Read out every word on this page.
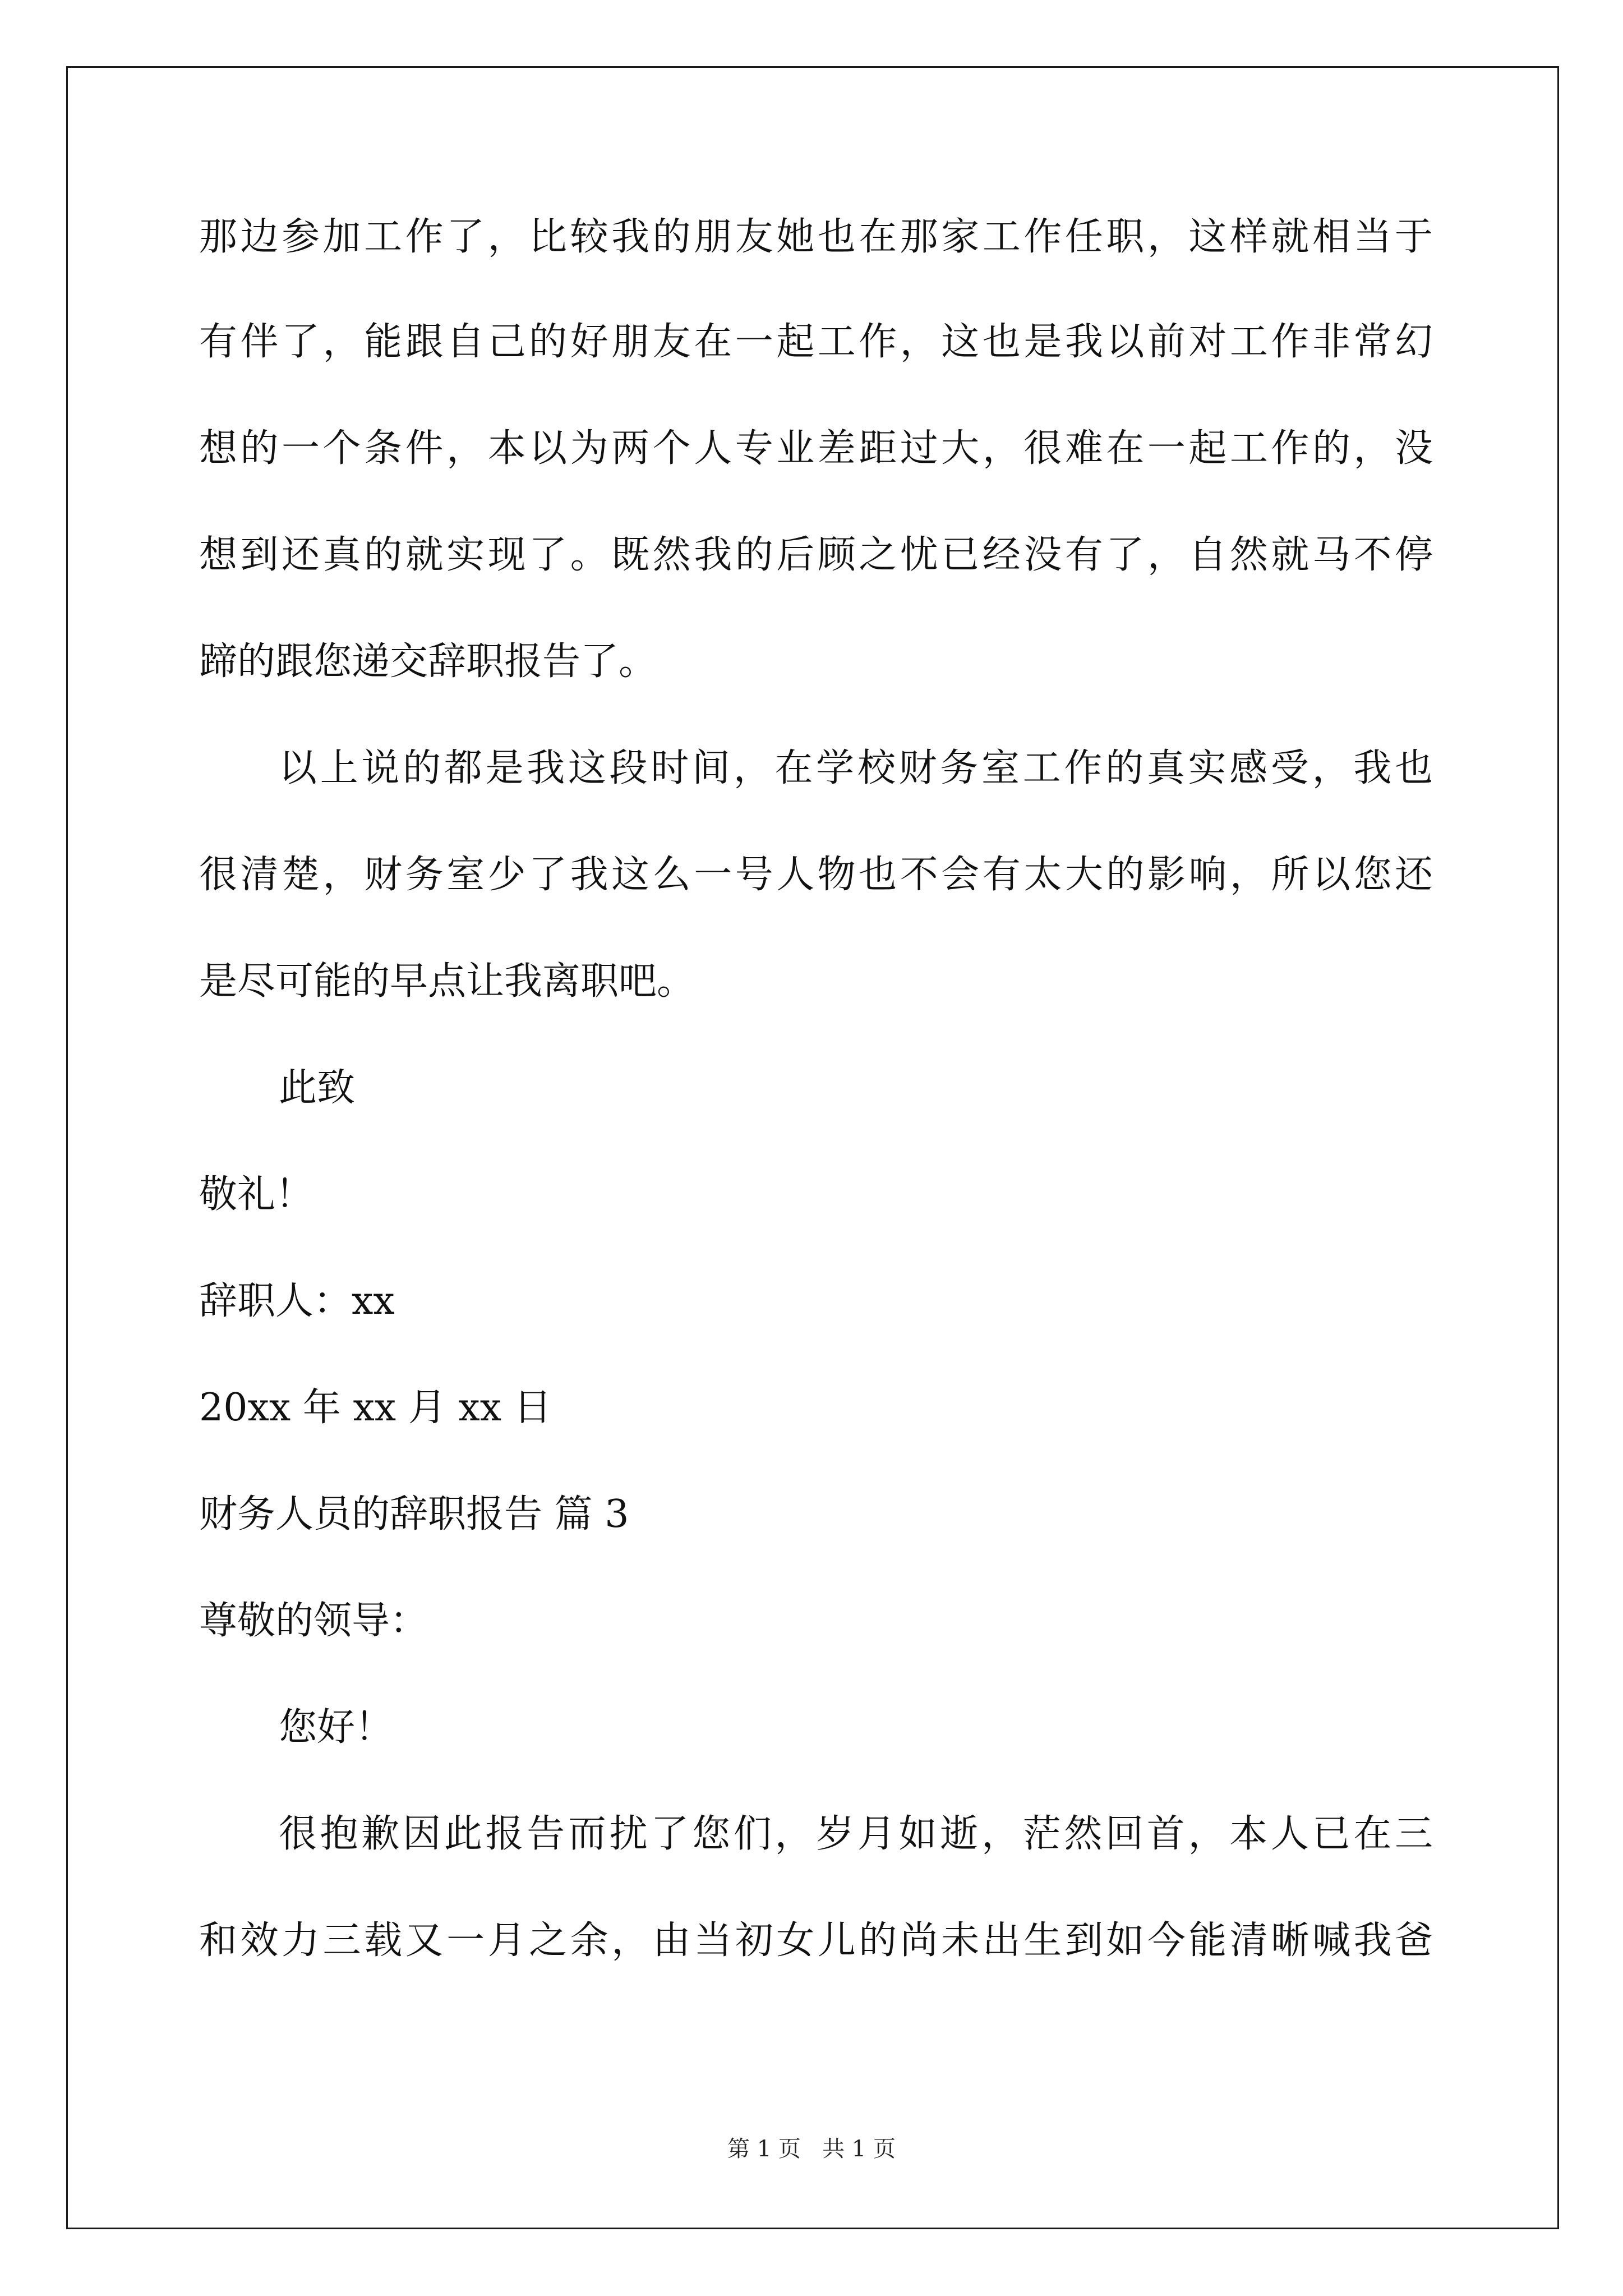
那边参加工作了，比较我的朋友她也在那家工作任职，这样就相当于
有伴了，能跟自己的好朋友在一起工作，这也是我以前对工作非常幻
想的一个条件，本以为两个人专业差距过大，很难在一起工作的，没
想到还真的就实现了。既然我的后顾之忧已经没有了，自然就马不停
蹄的跟您递交辞职报告了。
以上说的都是我这段时间，在学校财务室工作的真实感受，我也
很清楚，财务室少了我这么一号人物也不会有太大的影响，所以您还
是尽可能的早点让我离职吧。
此致
敬礼！
辞职人：xx
20xx 年 xx 月 xx 日
财务人员的辞职报告 篇 3
尊敬的领导：
您好！
很抱歉因此报告而扰了您们，岁月如逝，茫然回首，本人已在三
和效力三载又一月之余，由当初女儿的尚未出生到如今能清晰喊我爸
第 1 页   共 1 页
